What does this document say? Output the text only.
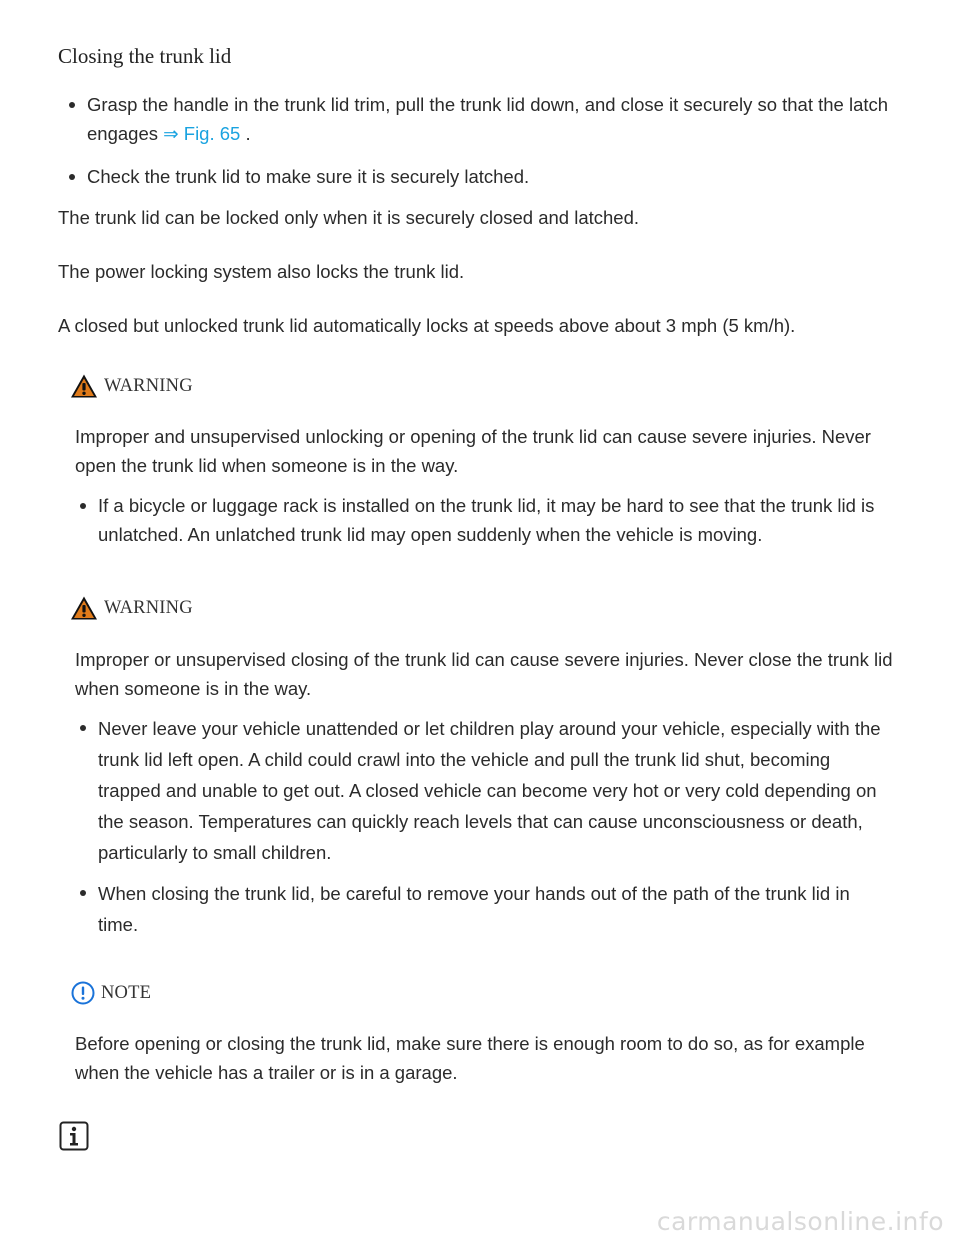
Closing the trunk lid
Grasp the handle in the trunk lid trim, pull the trunk lid down, and close it securely so that the latch engages ⇒ Fig. 65 .
Check the trunk lid to make sure it is securely latched.

The trunk lid can be locked only when it is securely closed and latched.

The power locking system also locks the trunk lid.

A closed but unlocked trunk lid automatically locks at speeds above about 3 mph (5 km/h).

WARNING

Improper and unsupervised unlocking or opening of the trunk lid can cause severe injuries. Never open the trunk lid when someone is in the way.

If a bicycle or luggage rack is installed on the trunk lid, it may be hard to see that the trunk lid is unlatched. An unlatched trunk lid may open suddenly when the vehicle is moving.
WARNING

Improper or unsupervised closing of the trunk lid can cause severe injuries. Never close the trunk lid when someone is in the way.

Never leave your vehicle unattended or let children play around your vehicle, especially with the trunk lid left open. A child could crawl into the vehicle and pull the trunk lid shut, becoming trapped and unable to get out. A closed vehicle can become very hot or very cold depending on the season. Temperatures can quickly reach levels that can cause unconsciousness or death, particularly to small children.
When closing the trunk lid, be careful to remove your hands out of the path of the trunk lid in time.
NOTE

Before opening or closing the trunk lid, make sure there is enough room to do so, as for example when the vehicle has a trailer or is in a garage.

carmanualsonline.info
